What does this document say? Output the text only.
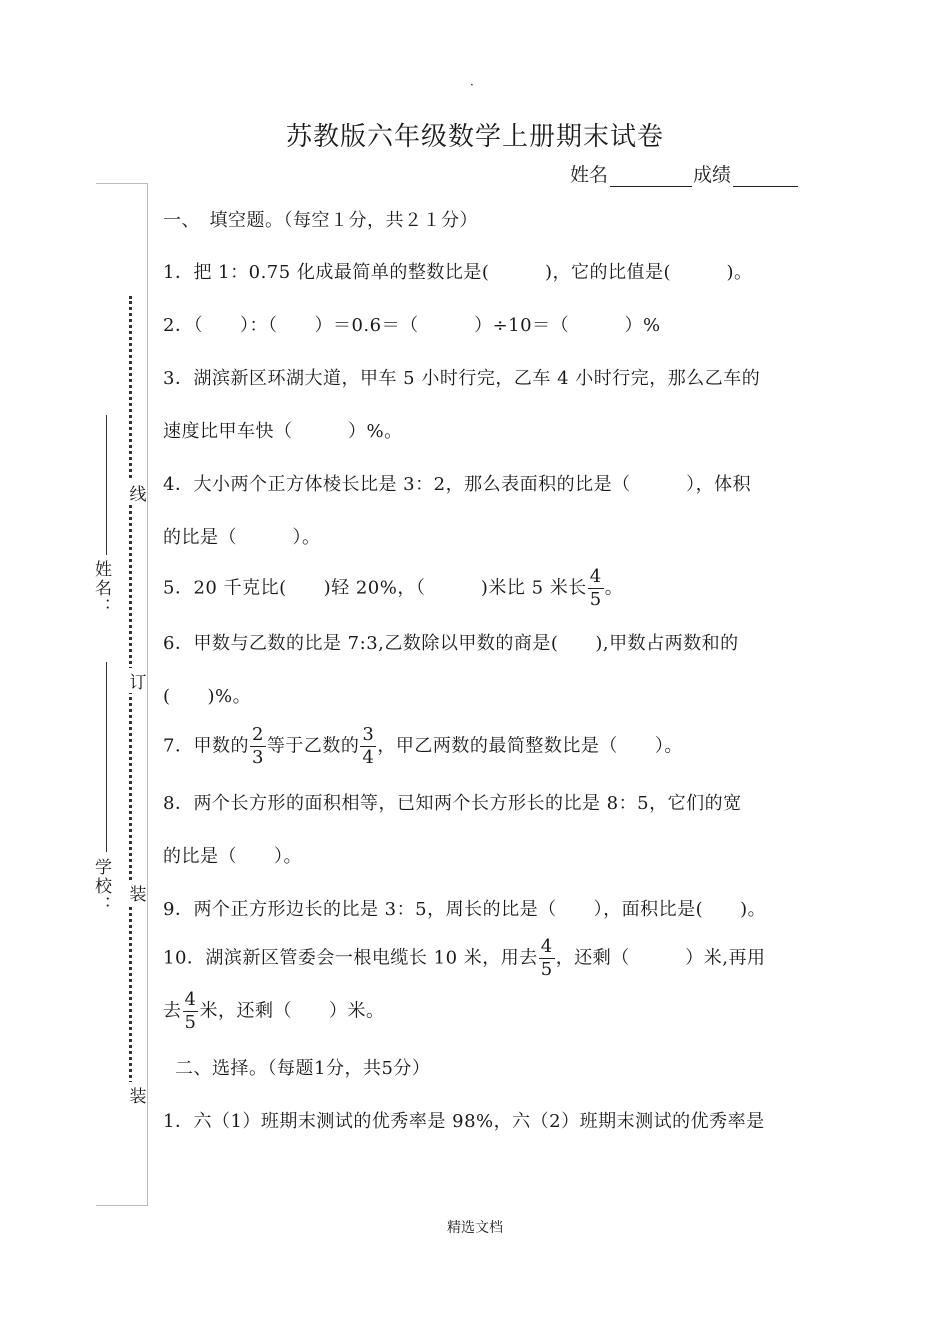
·
苏教版六年级数学上册期末试卷
姓名	成绩
线
订
装
装
姓名：
学校：
一、　填空题。（每空１分，共２１分）
1．把 1：0.75 化成最简单的整数比是(　　　)，它的比值是(　　　)。
2．（　　）：（　　）＝0.6＝（　　　）÷10＝（　　　）%
3．湖滨新区环湖大道，甲车 5 小时行完，乙车 4 小时行完，那么乙车的
速度比甲车快（　　　）%。
4．大小两个正方体棱长比是 3：2，那么表面积的比是（　　　），体积
的比是（　　　）。
5．20 千克比(　　)轻 20%，（　　　)米比 5 米长 $\frac{4}{5}$ 。
6．甲数与乙数的比是 7:3,乙数除以甲数的商是(　　),甲数占两数和的
(　　)%。
7．甲数的 $\frac{2}{3}$ 等于乙数的 $\frac{3}{4}$ ，甲乙两数的最简整数比是（　　）。
8．两个长方形的面积相等，已知两个长方形长的比是 8：5，它们的宽
的比是（　　）。
9．两个正方形边长的比是 3：5，周长的比是（　　），面积比是(　　)。
10．湖滨新区管委会一根电缆长 10 米，用去 $\frac{4}{5}$ ，还剩（　　　）米,再用
去 $\frac{4}{5}$ 米，还剩（　　）米。
二、选择。（每题1分，共5分）
1．六（1）班期末测试的优秀率是 98%，六（2）班期末测试的优秀率是
精选文档
